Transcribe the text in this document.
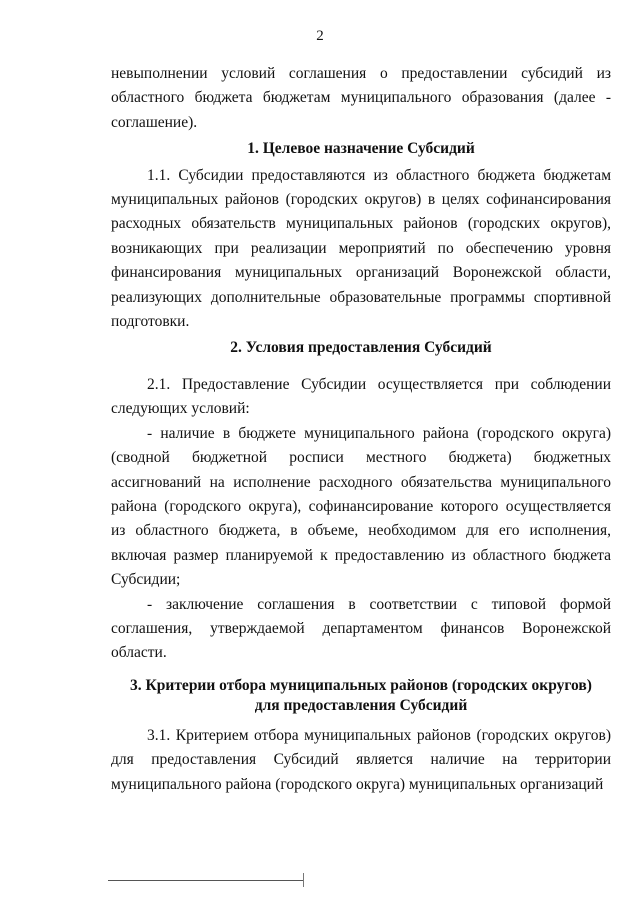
2

невыполнении условий соглашения о предоставлении субсидий из областного бюджета бюджетам муниципального образования (далее - соглашение).

1. Целевое назначение Субсидий

1.1. Субсидии предоставляются из областного бюджета бюджетам муниципальных районов (городских округов) в целях софинансирования расходных обязательств муниципальных районов (городских округов), возникающих при реализации мероприятий по обеспечению уровня финансирования муниципальных организаций Воронежской области, реализующих дополнительные образовательные программы спортивной подготовки.

2. Условия предоставления Субсидий

2.1. Предоставление Субсидии осуществляется при соблюдении следующих условий:

- наличие в бюджете муниципального района (городского округа) (сводной бюджетной росписи местного бюджета) бюджетных ассигнований на исполнение расходного обязательства муниципального района (городского округа), софинансирование которого осуществляется из областного бюджета, в объеме, необходимом для его исполнения, включая размер планируемой к предоставлению из областного бюджета Субсидии;

- заключение соглашения в соответствии с типовой формой соглашения, утверждаемой департаментом финансов Воронежской области.

3. Критерии отбора муниципальных районов (городских округов)
для предоставления Субсидий

3.1. Критерием отбора муниципальных районов (городских округов) для предоставления Субсидий является наличие на территории муниципального района (городского округа) муниципальных организаций
